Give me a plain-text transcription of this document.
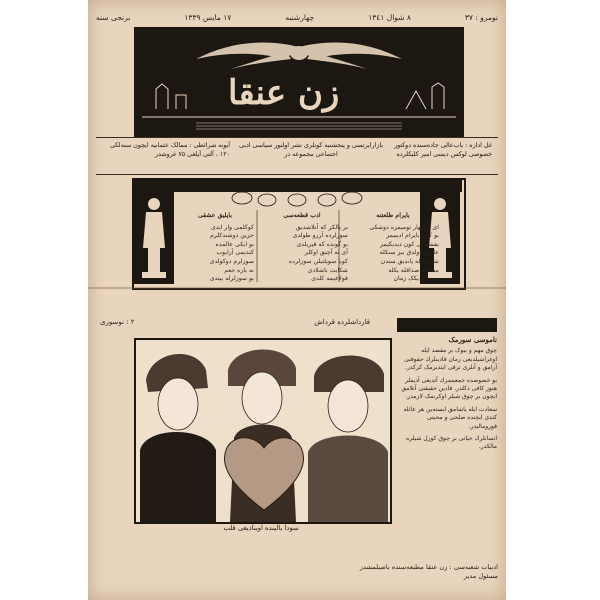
نومرو : ٣٧
٨ شوال ١٣٤١
چهارشنبه
١٧ مايس ١٣٣٩
برنجی سنه
زن عنقا
غل اداره : باب‌عالی جاده‌سنده دوکتور خصوصی لوکس دبسی امیر کلیکلرده
بازارایرتسی و پنجشنبه کونلری نشر اولنور سیاسی ادبی اجتماعی مجموعه در
آبونه شرائطی : ممالک عثمانیه ایچون سنه‌لکی ١٢٠ ، آلتی آیلغی ٧٥ غروشدر
بایرام طلعتنه
ای نوربهار تومیمزه دوشکی
بو کون بایرام ادیبیمز
یقشیقلی کون دیدیکیمز
عاشق اولدق بیز سنکله
شوق ایله یاندیق سندن
مستانه صداقله بکله
سن کلدیکک زمان
ادب قطعه‌سی
بر یالکز که آنلاشدیق
سوزلرده آرزو طولدی
بو گونده که قیریلدی
آی نه آچیق اوکلر
کویا سویلتیلن سوزلرده
شکایت باشلادی
قولاغیمه کلدی
بایلیق عشقی
کوکلمی وار ایدی
حزین دوشندکلرم
بو ایکی عالمده
کندیمی آرایوب
سوزلرم دوکولدی
نه یازه جغم
بو سوزلرله بیتدی
قارداشلرده قرداش
٢ : نوسوری
سودا بالینده اوینادیغی قلب
ناموسی سورمک

چوق مهم و بیوک بر مقصد ایله اوغراشیلدیغی زمان قادینلرك حقوقنی آرامق و آنلری ترقی ایتدیرمک کرکدر.

بو خصوصده جمعیتمزك آتدیغی آدیملر هنوز کافی دکلدر. قادین حقیقتی آنلامق ایچون بر چوق شیلر اوکرنمک لازمدر.

سعادت ایله یاشامق ایسته‌ین هر عائله کندی ایچنده صلحی و محبتی قورومالیدر.

انسانلرك حیاتی بر چوق کوزل شیلره مالکدر.

ادبیات شعبه‌سی : زن عنقا مطبعه‌سنده باصیلمشدر
مسئول مدیر
